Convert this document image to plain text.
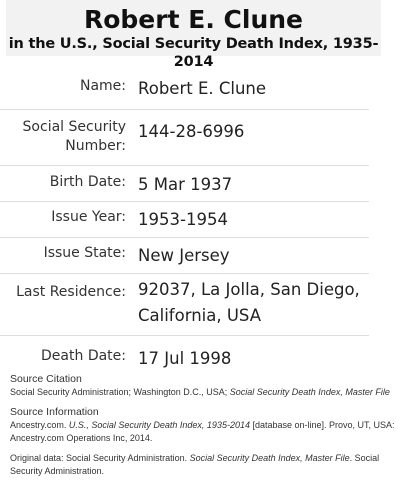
Robert E. Clune
in the U.S., Social Security Death Index, 1935-2014
Name: Robert E. Clune
Social Security
Number:
144-28-6996
Birth Date: 5 Mar 1937
Issue Year: 1953-1954
Issue State: New Jersey
Last Residence: 92037, La Jolla, San Diego,
California, USA
Death Date: 17 Jul 1998
Source Citation
Social Security Administration; Washington D.C., USA; Social Security Death Index, Master File
Source Information
Ancestry.com. U.S., Social Security Death Index, 1935-2014 [database on-line]. Provo, UT, USA: Ancestry.com Operations Inc, 2014.
Original data: Social Security Administration. Social Security Death Index, Master File. Social Security Administration.
